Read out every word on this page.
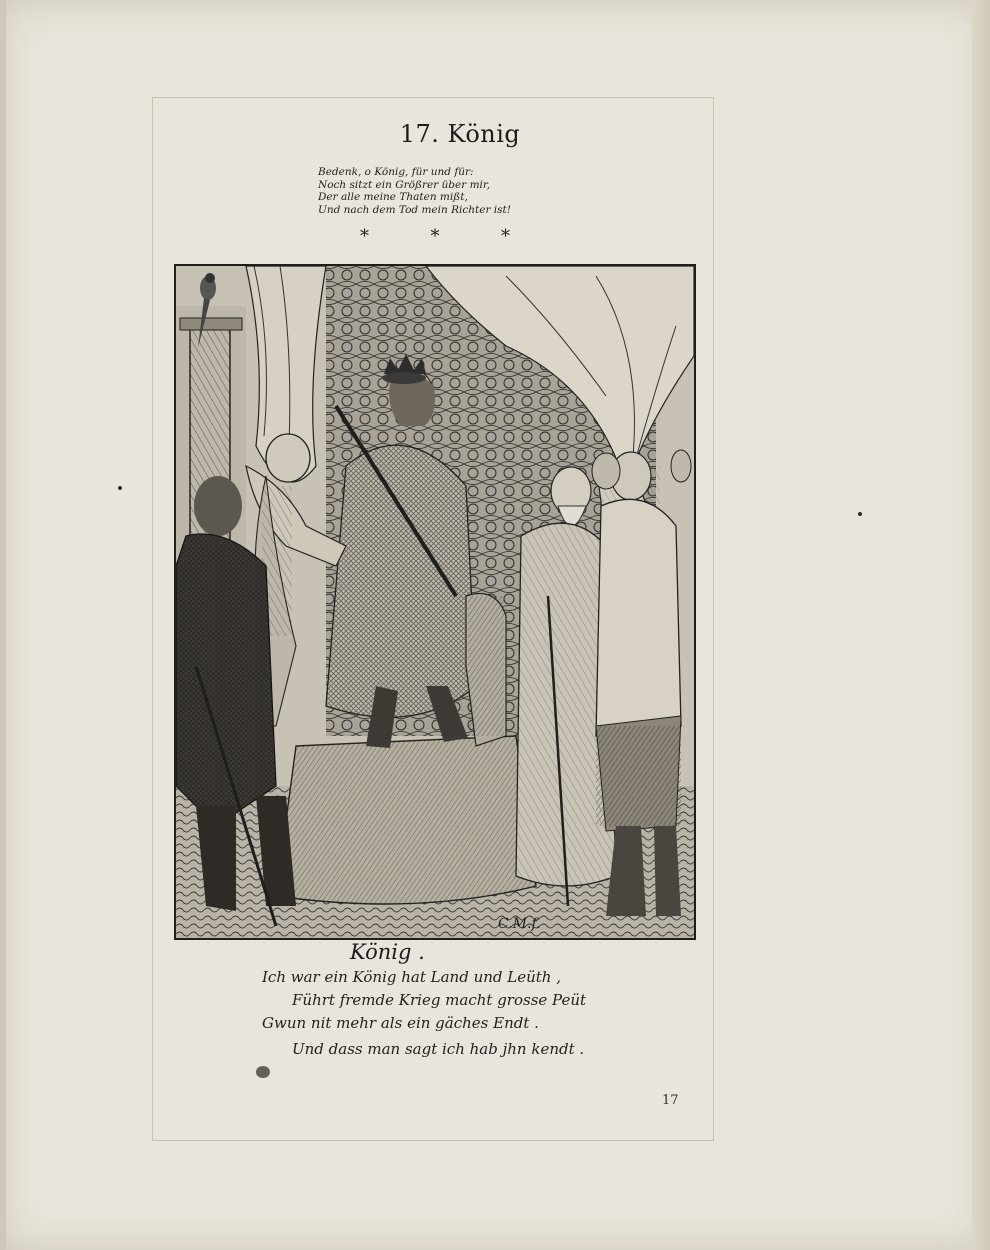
17. König
Bedenk, o König, für und für:
Noch sitzt ein Größrer über mir,
Der alle meine Thaten mißt,
Und nach dem Tod mein Richter ist!
*	*	*
C.M.f.
König .
Ich war ein König hat Land und Leüth ,
Führt fremde Krieg macht grosse Peüt
Gwun nit mehr als ein gäches Endt .
Und dass man sagt ich hab jhn kendt .
17
